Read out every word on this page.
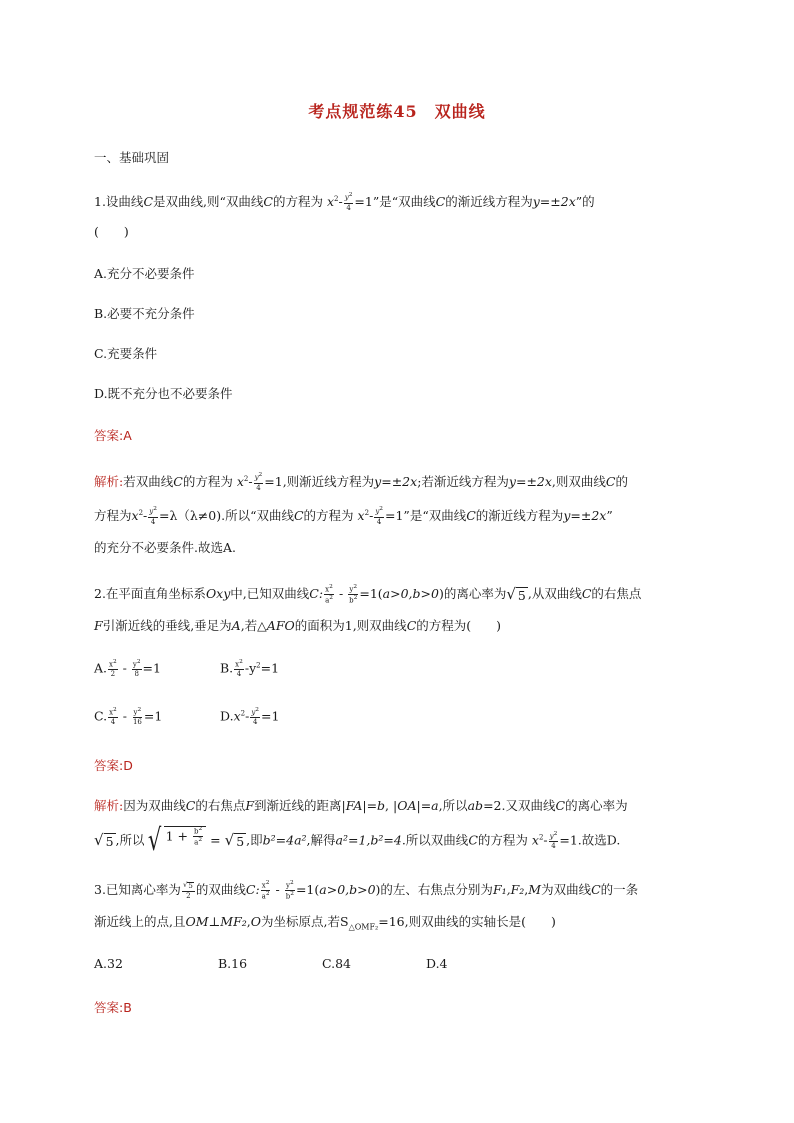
考点规范练45　双曲线
一、基础巩固
1.设曲线C是双曲线,则“双曲线C的方程为 $x^2- \frac{y^2}{4} =1$”是“双曲线C的渐近线方程为y=±2x”的
(　　)
A.充分不必要条件
B.必要不充分条件
C.充要条件
D.既不充分也不必要条件
答案:A
解析:若双曲线C的方程为 $x^2- \frac{y^2}{4} =1$,则渐近线方程为y=±2x;若渐近线方程为y=±2x,则双曲线C的
方程为$x^2- \frac{y^2}{4} =\lambda(\lambda\ne 0)$.所以“双曲线C的方程为 $x^2- \frac{y^2}{4} =1$”是“双曲线C的渐近线方程为y=±2x”
的充分不必要条件.故选A.
2.在平面直角坐标系Oxy中,已知双曲线C: $\frac{x^2}{a^2} - \frac{y^2}{b^2} =1(a>0,b>0)$的离心率为 √ 5 ,从双曲线C的右焦点
F引渐近线的垂线,垂足为A,若△AFO的面积为1,则双曲线C的方程为(　　)
A. $\frac{x^2}{2} - \frac{y^2}{8} =1$	B. $\frac{x^2}{4} -y^2=1$
C. $\frac{x^2}{4} - \frac{y^2}{16} =1$	$D.x^2- \frac{y^2}{4} =1$
答案:D
解析:因为双曲线C的右焦点F到渐近线的距离|FA|=b, |OA|=a,所以ab=2.又双曲线C的离心率为
√ 5 ,所以 √ $1 + \frac{b^2}{a^2}$ = √ 5 ,即b²=4a²,解得a²=1,b²=4.所以双曲线C的方程为 $x^2- \frac{y^2}{4} =1$.故选D.
3.已知离心率为 $\frac{√ 5}{2}$ 的双曲线C: $\frac{x^2}{a^2} - \frac{y^2}{b^2} =1(a>0,b>0)$的左、右焦点分别为F₁,F₂,M为双曲线C的一条
渐近线上的点,且OM⊥MF₂,O为坐标原点,若$S_{\triangle OMF_2}=16$,则双曲线的实轴长是(　　)
A.32	B.16	C.84	D.4
答案:B
